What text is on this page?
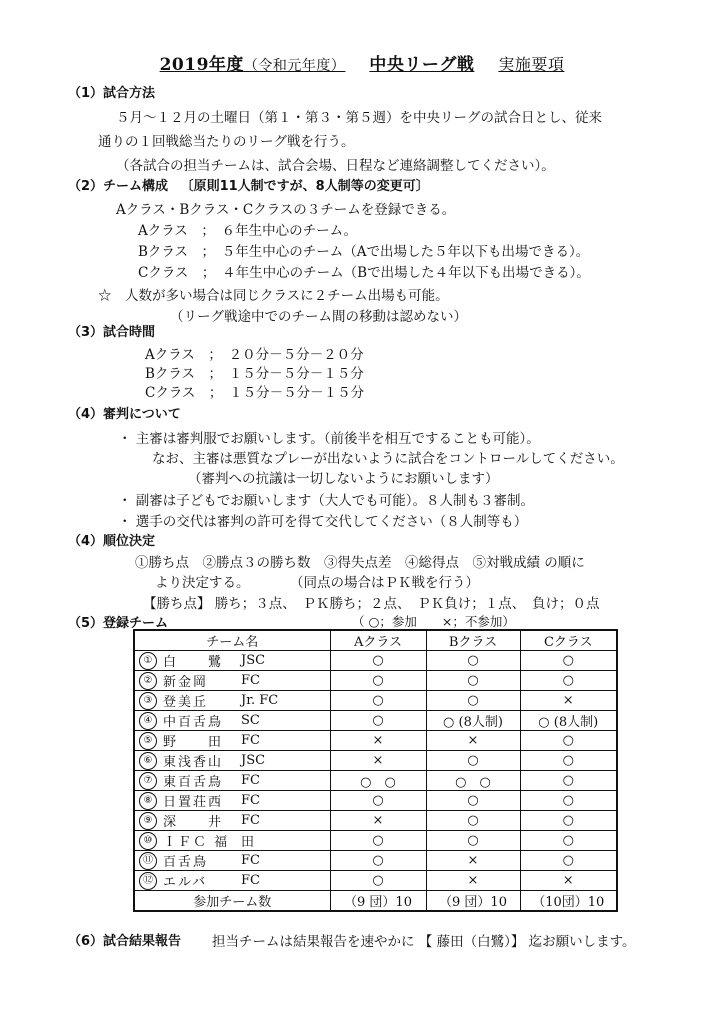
2019年度（令和元年度） 中央リーグ戦 実施要項
（1）試合方法
５月～１２月の土曜日（第１・第３・第５週）を中央リーグの試合日とし、従来
通りの１回戦総当たりのリーグ戦を行う。
（各試合の担当チームは、試合会場、日程など連絡調整してください）。
（2）チーム構成 〔原則11人制ですが、8人制等の変更可〕
Aクラス・Bクラス・Cクラスの３チームを登録できる。
Aクラス　；　６年生中心のチーム。
Bクラス　；　５年生中心のチーム（Aで出場した５年以下も出場できる）。
Cクラス　；　４年生中心のチーム（Bで出場した４年以下も出場できる）。
☆　人数が多い場合は同じクラスに２チーム出場も可能。
（リーグ戦途中でのチーム間の移動は認めない）
（3）試合時間
Aクラス　；　２０分－５分－２０分
Bクラス　；　１５分－５分－１５分
Cクラス　；　１５分－５分－１５分
（4）審判について
・ 主審は審判服でお願いします。（前後半を相互ですることも可能）。
なお、主審は悪質なプレーが出ないように試合をコントロールしてください。
（審判への抗議は一切しないようにお願いします）
・ 副審は子どもでお願いします（大人でも可能）。８人制も３審制。
・ 選手の交代は審判の許可を得て交代してください（８人制等も）
（4）順位決定
①勝ち点　②勝点３の勝ち数　③得失点差　④総得点　⑤対戦成績 の順に
より決定する。　　　　（同点の場合はＰＫ戦を行う）
【勝ち点】 勝ち；３点、　ＰＫ勝ち；２点、　ＰＫ負け；１点、　負け；０点
（5）登録チーム	（ ○；参加　　×；不参加）
チーム名	Aクラス	Bクラス	Cクラス
① 白　　鷺 JSC	○	○	○
② 新金岡 FC	○	○	○
③ 登美丘 Jr. FC	○	○	×
④ 中百舌鳥 SC	○	○ (8人制)	○ (8人制)
⑤ 野　　田 FC	×	×	○
⑥ 東浅香山 JSC	×	○	○
⑦ 東百舌鳥 FC	○　○	○　○	○
⑧ 日置荘西 FC	○	○	○
⑨ 深　　井 FC	×	○	○
⑩ ＩＦＣ 福 田	○	○	○
⑪ 百舌鳥 FC	○	×	○
⑫ エルバ FC	○	×	×
参加チーム数	（9 団）10	（9 団）10	（10団）10
（6）試合結果報告 担当チームは結果報告を速やかに 【 藤田（白鷺）】 迄お願いします。
